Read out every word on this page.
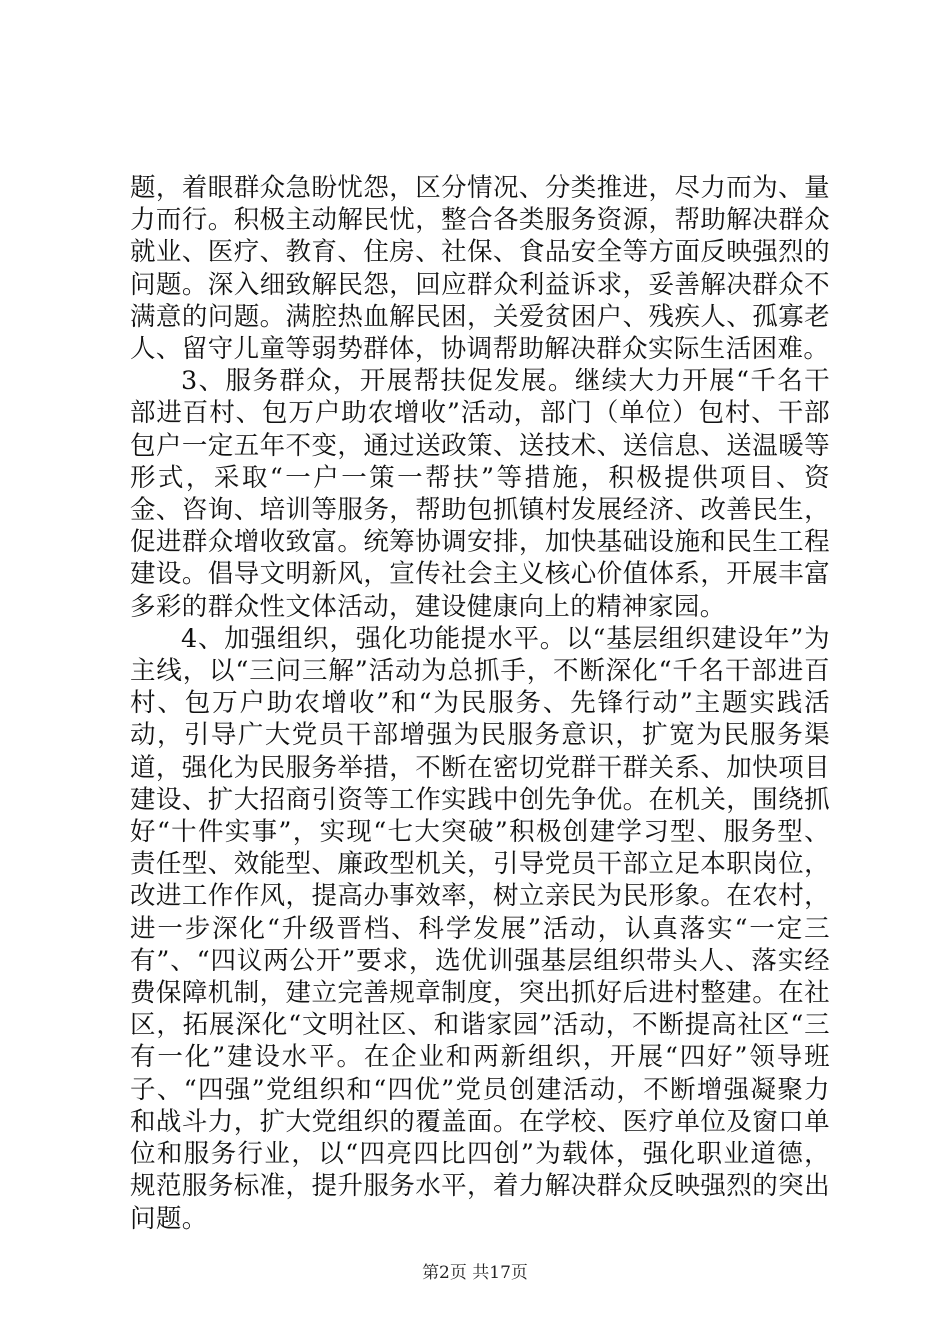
题，着眼群众急盼忧怨，区分情况、分类推进，尽力而为、量力而行。积极主动解民忧，整合各类服务资源，帮助解决群众就业、医疗、教育、住房、社保、食品安全等方面反映强烈的问题。深入细致解民怨，回应群众利益诉求，妥善解决群众不满意的问题。满腔热血解民困，关爱贫困户、残疾人、孤寡老人、留守儿童等弱势群体，协调帮助解决群众实际生活困难。

3、服务群众，开展帮扶促发展。继续大力开展“千名干部进百村、包万户助农增收”活动，部门（单位）包村、干部包户一定五年不变，通过送政策、送技术、送信息、送温暖等形式，采取“一户一策一帮扶”等措施，积极提供项目、资金、咨询、培训等服务，帮助包抓镇村发展经济、改善民生，促进群众增收致富。统筹协调安排，加快基础设施和民生工程建设。倡导文明新风，宣传社会主义核心价值体系，开展丰富多彩的群众性文体活动，建设健康向上的精神家园。

4、加强组织，强化功能提水平。以“基层组织建设年”为主线，以“三问三解”活动为总抓手，不断深化“千名干部进百村、包万户助农增收”和“为民服务、先锋行动”主题实践活动，引导广大党员干部增强为民服务意识，扩宽为民服务渠道，强化为民服务举措，不断在密切党群干群关系、加快项目建设、扩大招商引资等工作实践中创先争优。在机关，围绕抓好“十件实事”，实现“七大突破”积极创建学习型、服务型、责任型、效能型、廉政型机关，引导党员干部立足本职岗位，改进工作作风，提高办事效率，树立亲民为民形象。在农村，进一步深化“升级晋档、科学发展”活动，认真落实“一定三有”、“四议两公开”要求，选优训强基层组织带头人、落实经费保障机制，建立完善规章制度，突出抓好后进村整建。在社区，拓展深化“文明社区、和谐家园”活动，不断提高社区“三有一化”建设水平。在企业和两新组织，开展“四好”领导班子、“四强”党组织和“四优”党员创建活动，不断增强凝聚力和战斗力，扩大党组织的覆盖面。在学校、医疗单位及窗口单位和服务行业，以“四亮四比四创”为载体，强化职业道德，规范服务标准，提升服务水平，着力解决群众反映强烈的突出问题。

第2页 共17页
